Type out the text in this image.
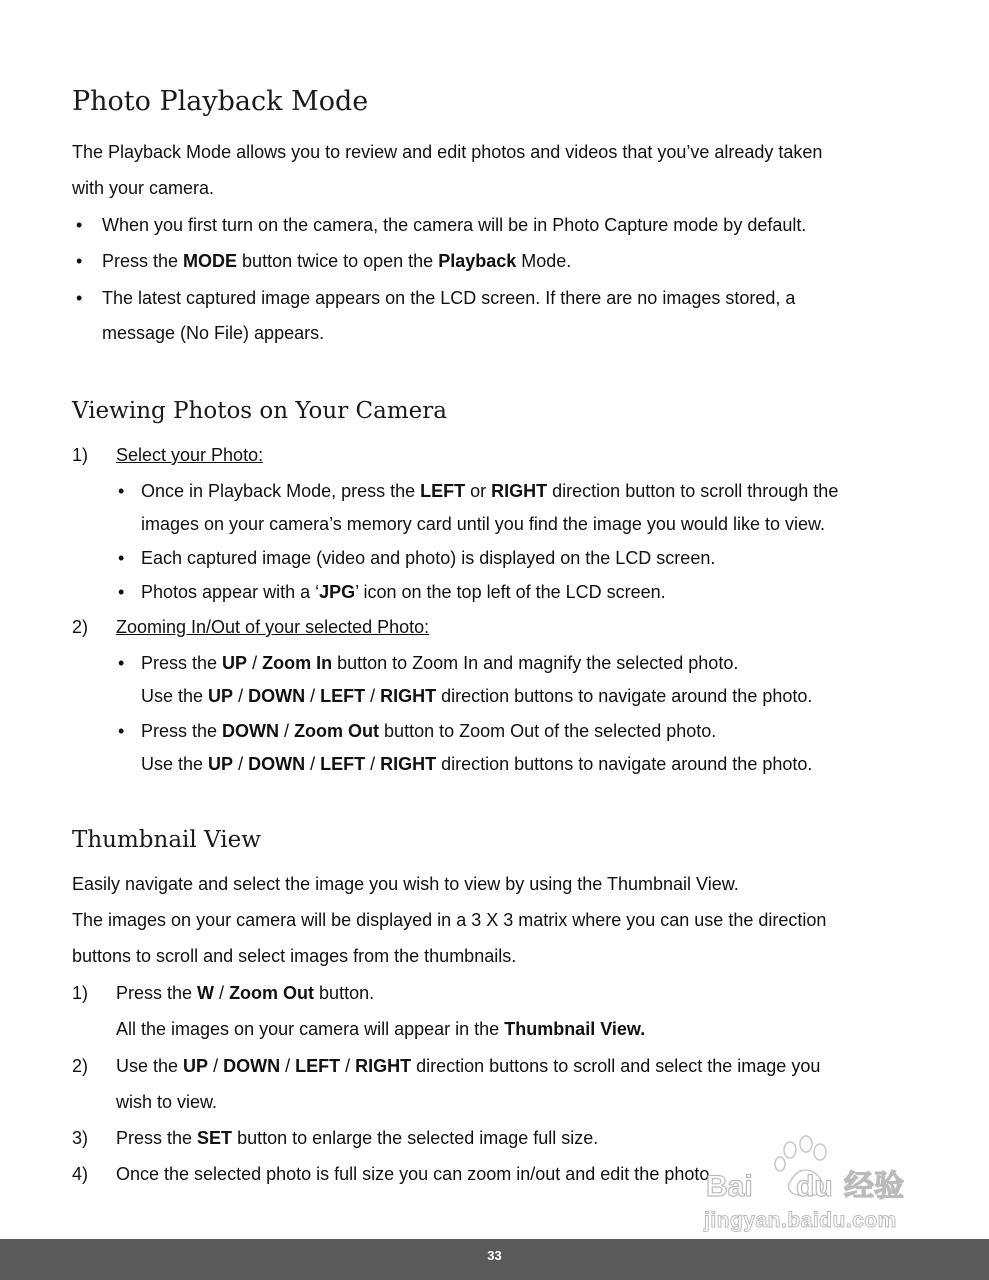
Photo Playback Mode

The Playback Mode allows you to review and edit photos and videos that you’ve already taken

with your camera.

• When you first turn on the camera, the camera will be in Photo Capture mode by default.

• Press the MODE button twice to open the Playback Mode.

• The latest captured image appears on the LCD screen. If there are no images stored, a

message (No File) appears.

Viewing Photos on Your Camera
1) Select your Photo:

• Once in Playback Mode, press the LEFT or RIGHT direction button to scroll through the

images on your camera’s memory card until you find the image you would like to view.

• Each captured image (video and photo) is displayed on the LCD screen.

• Photos appear with a ‘JPG’ icon on the top left of the LCD screen.

2) Zooming In/Out of your selected Photo:

• Press the UP / Zoom In button to Zoom In and magnify the selected photo.

Use the UP / DOWN / LEFT / RIGHT direction buttons to navigate around the photo.

• Press the DOWN / Zoom Out button to Zoom Out of the selected photo.

Use the UP / DOWN / LEFT / RIGHT direction buttons to navigate around the photo.

Thumbnail View

Easily navigate and select the image you wish to view by using the Thumbnail View.

The images on your camera will be displayed in a 3 X 3 matrix where you can use the direction

buttons to scroll and select images from the thumbnails.

1) Press the W / Zoom Out button.

All the images on your camera will appear in the Thumbnail View.

2) Use the UP / DOWN / LEFT / RIGHT direction buttons to scroll and select the image you

wish to view.

3) Press the SET button to enlarge the selected image full size.

4) Once the selected photo is full size you can zoom in/out and edit the photo.

Bai du 经验
jingyan.baidu.com
33
